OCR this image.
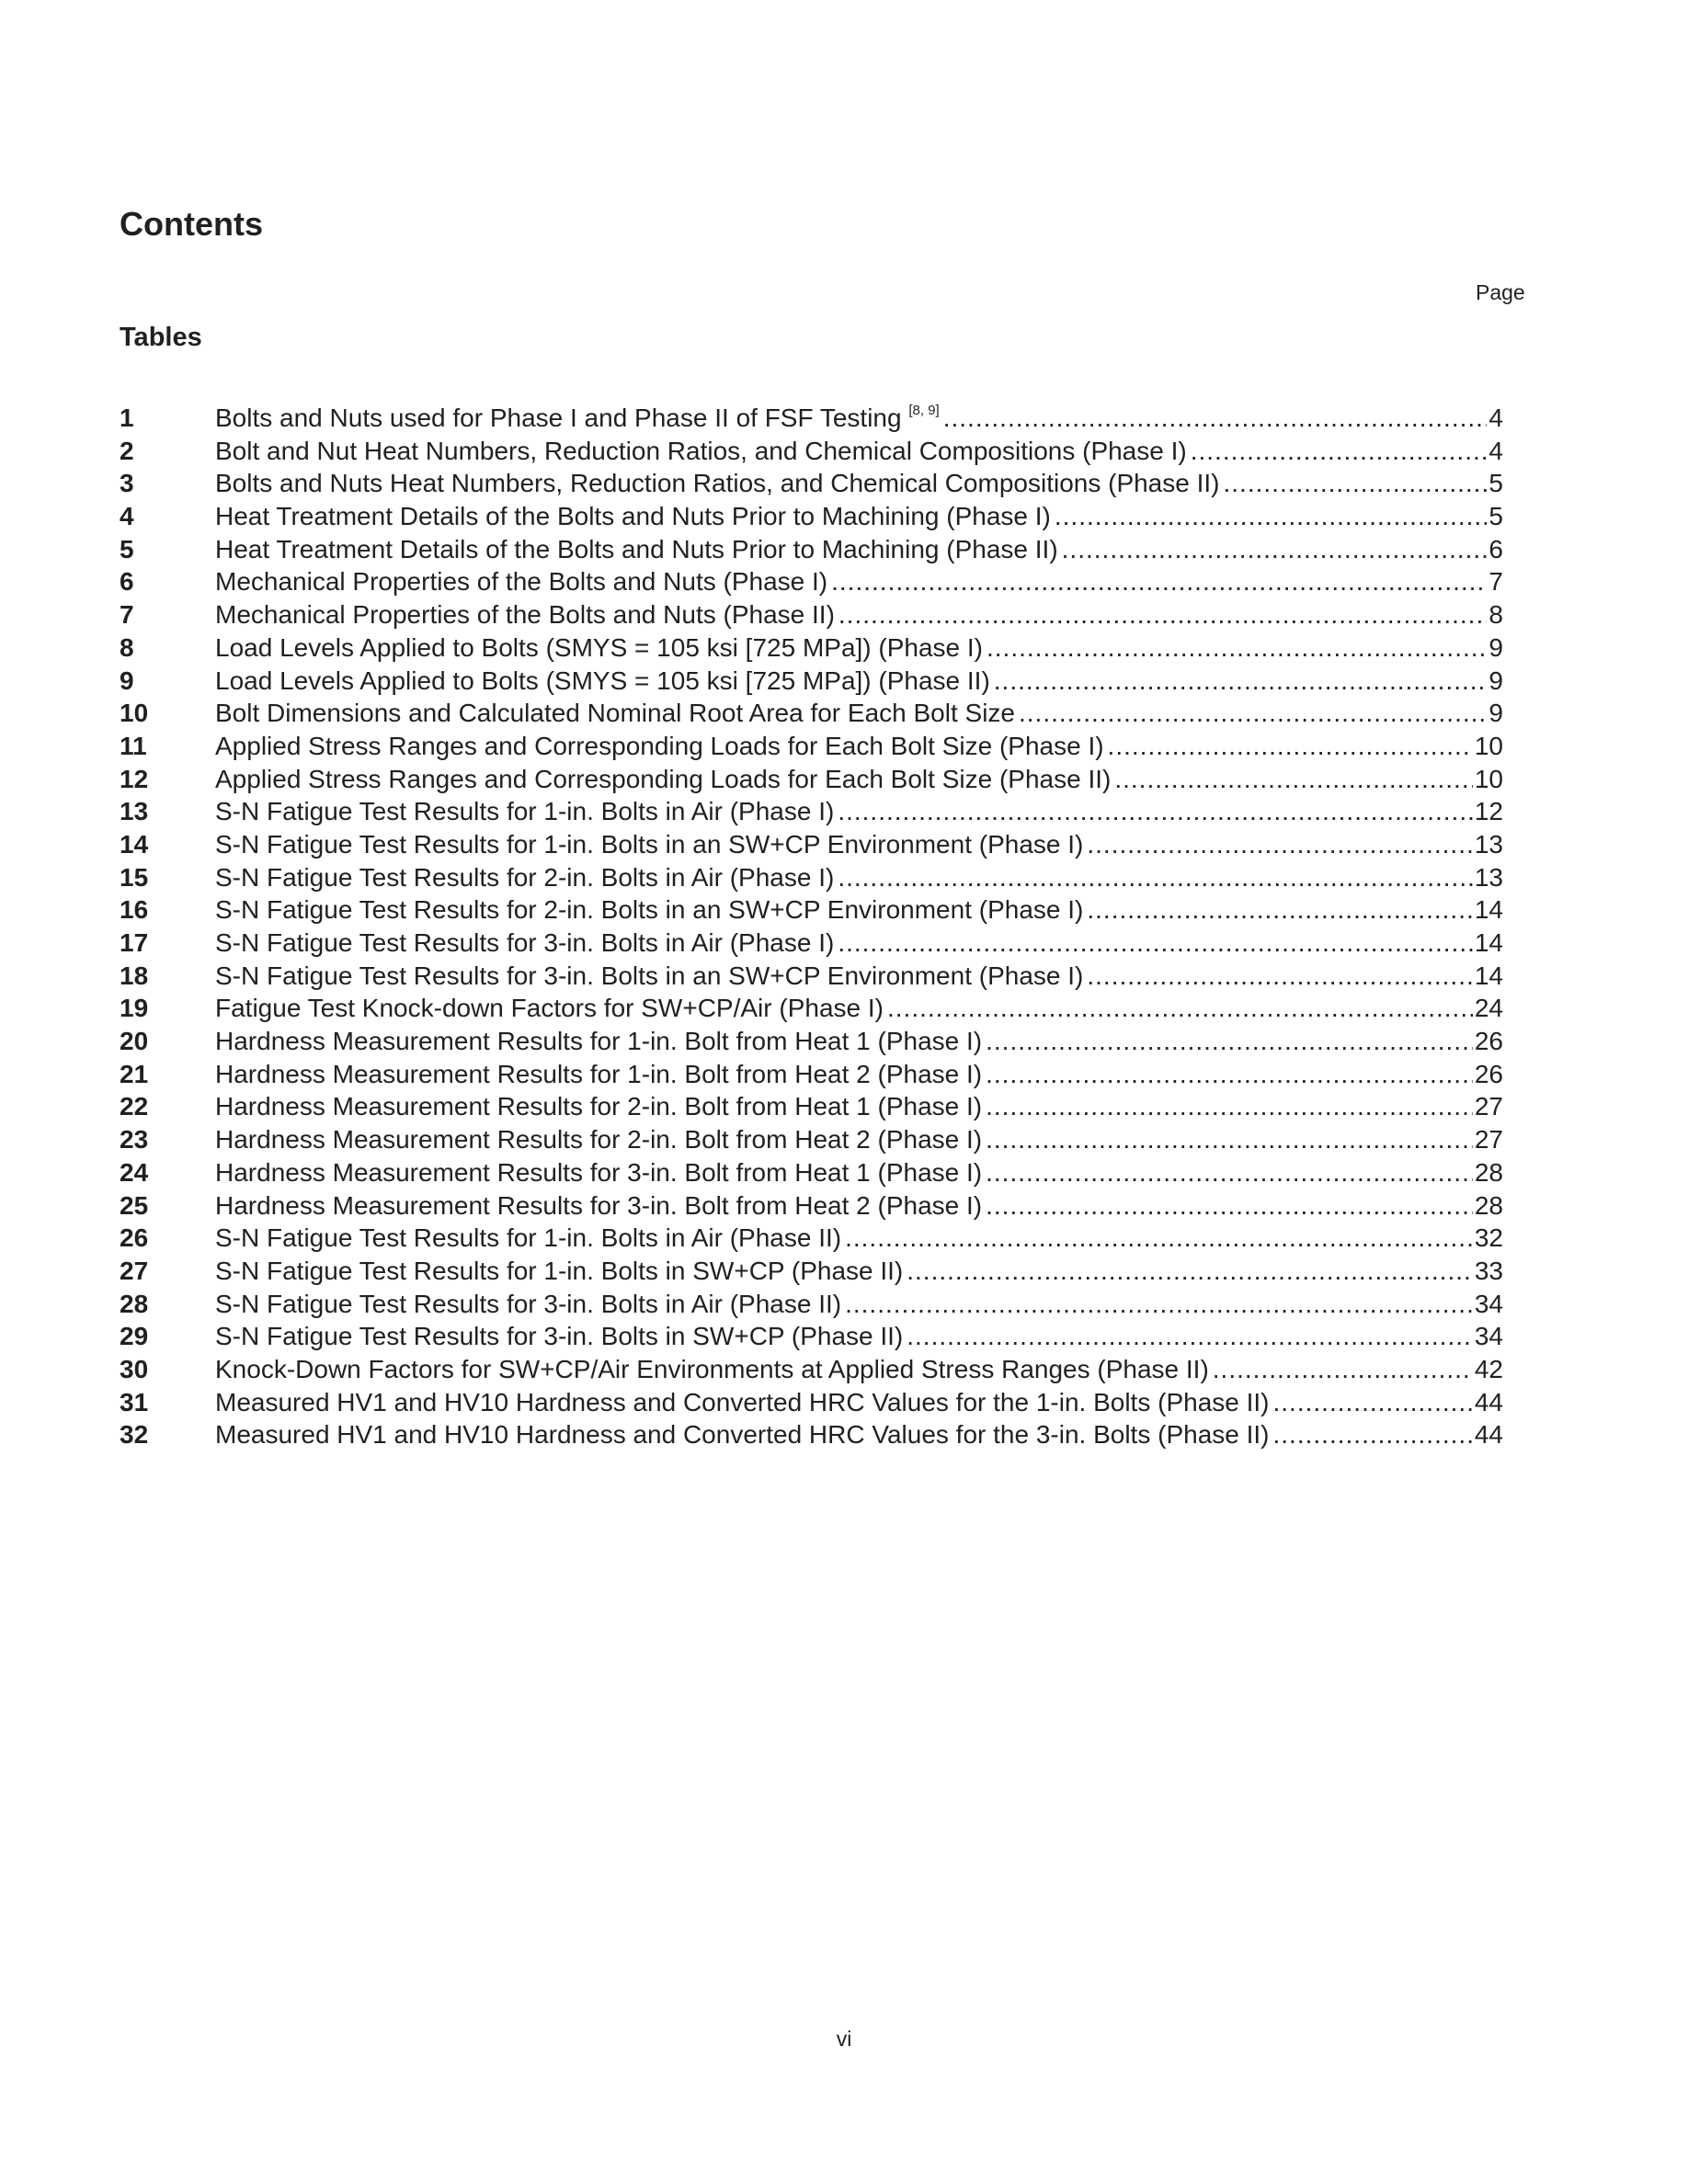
Contents
Page
Tables
1	Bolts and Nuts used for Phase I and Phase II of FSF Testing [8, 9] .....	4
2	Bolt and Nut Heat Numbers, Reduction Ratios, and Chemical Compositions (Phase I) .....	4
3	Bolts and Nuts Heat Numbers, Reduction Ratios, and Chemical Compositions (Phase II) .....	5
4	Heat Treatment Details of the Bolts and Nuts Prior to Machining (Phase I) .....	5
5	Heat Treatment Details of the Bolts and Nuts Prior to Machining (Phase II) .....	6
6	Mechanical Properties of the Bolts and Nuts (Phase I) .....	7
7	Mechanical Properties of the Bolts and Nuts (Phase II) .....	8
8	Load Levels Applied to Bolts (SMYS = 105 ksi [725 MPa]) (Phase I) .....	9
9	Load Levels Applied to Bolts (SMYS = 105 ksi [725 MPa]) (Phase II) .....	9
10	Bolt Dimensions and Calculated Nominal Root Area for Each Bolt Size .....	9
11	Applied Stress Ranges and Corresponding Loads for Each Bolt Size (Phase I) .....	10
12	Applied Stress Ranges and Corresponding Loads for Each Bolt Size (Phase II) .....	10
13	S-N Fatigue Test Results for 1-in. Bolts in Air (Phase I) .....	12
14	S-N Fatigue Test Results for 1-in. Bolts in an SW+CP Environment (Phase I) .....	13
15	S-N Fatigue Test Results for 2-in. Bolts in Air (Phase I) .....	13
16	S-N Fatigue Test Results for 2-in. Bolts in an SW+CP Environment (Phase I) .....	14
17	S-N Fatigue Test Results for 3-in. Bolts in Air (Phase I) .....	14
18	S-N Fatigue Test Results for 3-in. Bolts in an SW+CP Environment (Phase I) .....	14
19	Fatigue Test Knock-down Factors for SW+CP/Air (Phase I) .....	24
20	Hardness Measurement Results for 1-in. Bolt from Heat 1 (Phase I) .....	26
21	Hardness Measurement Results for 1-in. Bolt from Heat 2 (Phase I) .....	26
22	Hardness Measurement Results for 2-in. Bolt from Heat 1 (Phase I) .....	27
23	Hardness Measurement Results for 2-in. Bolt from Heat 2 (Phase I) .....	27
24	Hardness Measurement Results for 3-in. Bolt from Heat 1 (Phase I) .....	28
25	Hardness Measurement Results for 3-in. Bolt from Heat 2 (Phase I) .....	28
26	S-N Fatigue Test Results for 1-in. Bolts in Air (Phase II) .....	32
27	S-N Fatigue Test Results for 1-in. Bolts in SW+CP (Phase II) .....	33
28	S-N Fatigue Test Results for 3-in. Bolts in Air (Phase II) .....	34
29	S-N Fatigue Test Results for 3-in. Bolts in SW+CP (Phase II) .....	34
30	Knock-Down Factors for SW+CP/Air Environments at Applied Stress Ranges (Phase II) .....	42
31	Measured HV1 and HV10 Hardness and Converted HRC Values for the 1-in. Bolts (Phase II) .....	44
32	Measured HV1 and HV10 Hardness and Converted HRC Values for the 3-in. Bolts (Phase II) .....	44
vi
